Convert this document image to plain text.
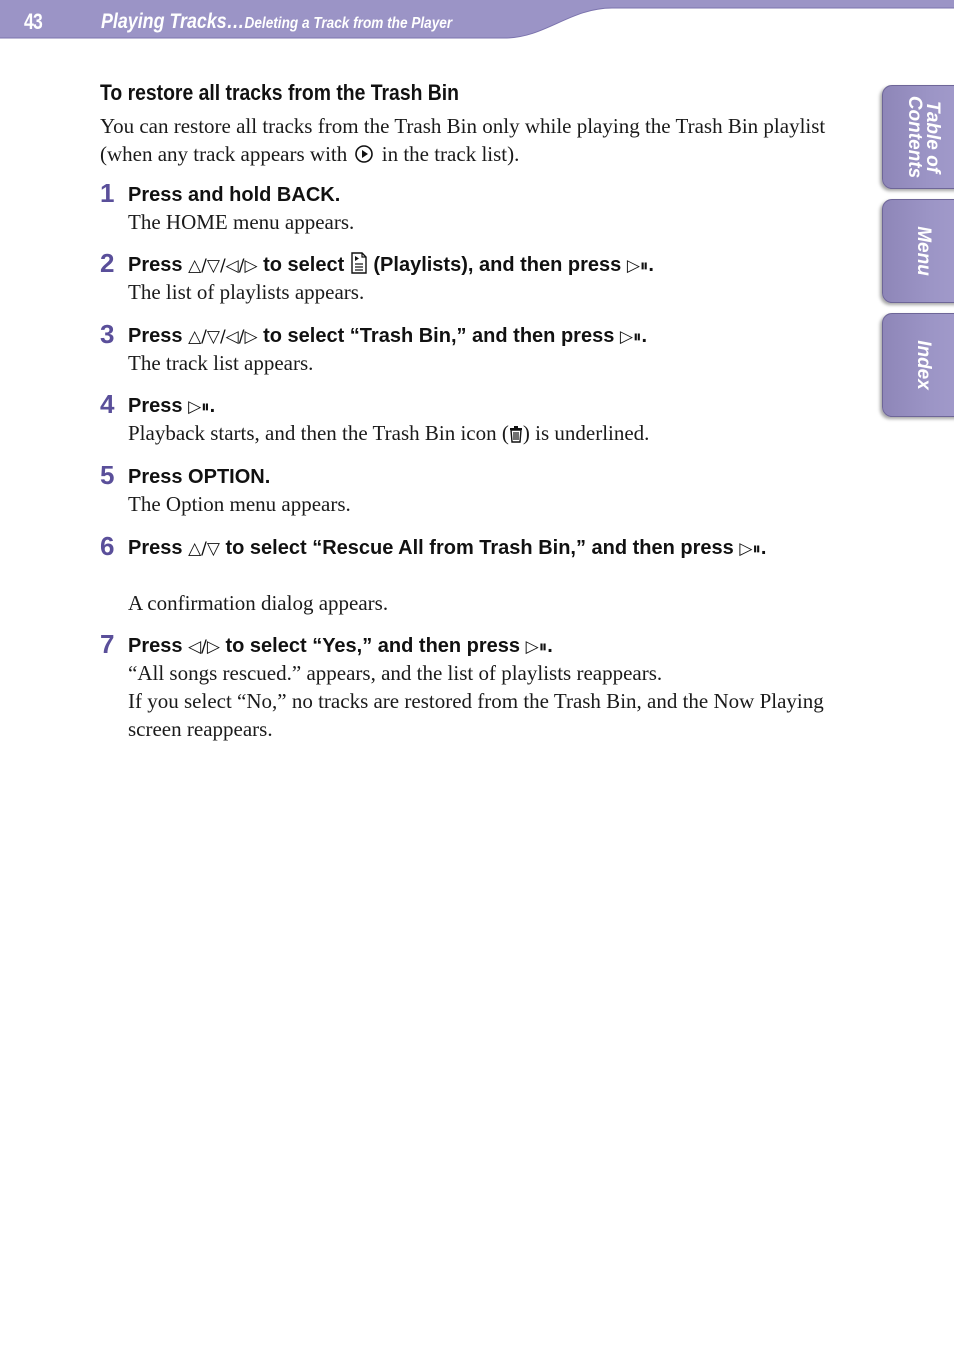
43	Playing Tracks…Deleting a Track from the Player
Table of
Contents
Menu
Index
To restore all tracks from the Trash Bin
You can restore all tracks from the Trash Bin only while playing the Trash Bin playlist (when any track appears with in the track list).
1 Press and hold BACK.
The HOME menu appears.
2 Press △/▽/◁/▷ to select (Playlists), and then press ▷⏸.
The list of playlists appears.
3 Press △/▽/◁/▷ to select “Trash Bin,” and then press ▷⏸.
The track list appears.
4 Press ▷⏸.
Playback starts, and then the Trash Bin icon ( ) is underlined.
5 Press OPTION.
The Option menu appears.
6 Press △/▽ to select “Rescue All from Trash Bin,” and then press ▷⏸.
A confirmation dialog appears.
7 Press ◁/▷ to select “Yes,” and then press ▷⏸.
“All songs rescued.” appears, and the list of playlists reappears.
If you select “No,” no tracks are restored from the Trash Bin, and the Now Playing screen reappears.
